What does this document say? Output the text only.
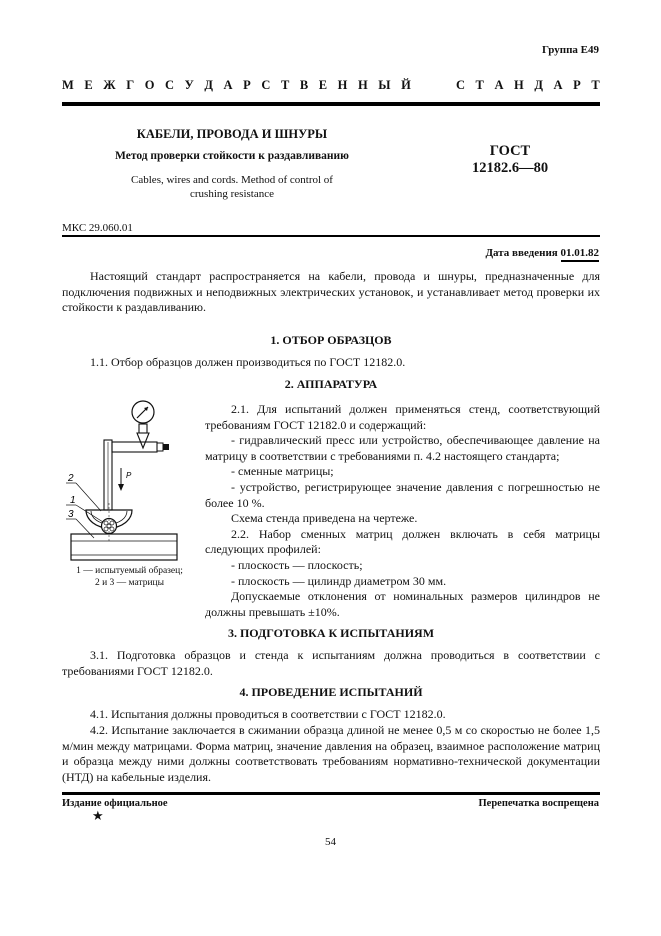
Группа Е49
М Е Ж Г О С У Д А Р С Т В Е Н Н Ы Й	С Т А Н Д А Р Т
КАБЕЛИ, ПРОВОДА И ШНУРЫ
Метод проверки стойкости к раздавливанию
Cables, wires and cords. Method of control of
crushing resistance
ГОСТ
12182.6—80
МКС 29.060.01
Дата введения 01.01.82
Настоящий стандарт распространяется на кабели, провода и шнуры, предназначенные для подключения подвижных и неподвижных электрических установок, и устанавливает метод проверки их стойкости к раздавливанию.
1. ОТБОР ОБРАЗЦОВ
1.1. Отбор образцов должен производиться по ГОСТ 12182.0.
2. АППАРАТУРА
P
2
1
3
1 — испытуемый образец;
2 и 3 — матрицы

2.1. Для испытаний должен применяться стенд, соответствующий требованиям ГОСТ 12182.0 и содержащий:

- гидравлический пресс или устройство, обеспечивающее давление на матрицу в соответствии с требованиями п. 4.2 настоящего стандарта;

- сменные матрицы;

- устройство, регистрирующее значение давления с погрешностью не более 10 %.

Схема стенда приведена на чертеже.

2.2. Набор сменных матриц должен включать в себя матрицы следующих профилей:

- плоскость — плоскость;

- плоскость — цилиндр диаметром 30 мм.

Допускаемые отклонения от номинальных размеров цилиндров не должны превышать ±10%.

3. ПОДГОТОВКА К ИСПЫТАНИЯМ
3.1. Подготовка образцов и стенда к испытаниям должна проводиться в соответствии с требованиями ГОСТ 12182.0.
4. ПРОВЕДЕНИЕ ИСПЫТАНИЙ
4.1. Испытания должны проводиться в соответствии с ГОСТ 12182.0.
4.2. Испытание заключается в сжимании образца длиной не менее 0,5 м со скоростью не более 1,5 м/мин между матрицами. Форма матриц, значение давления на образец, взаимное расположение матриц и образца между ними должны соответствовать требованиям нормативно-технической документации (НТД) на кабельные изделия.
Издание официальное	Перепечатка воспрещена
★
54
